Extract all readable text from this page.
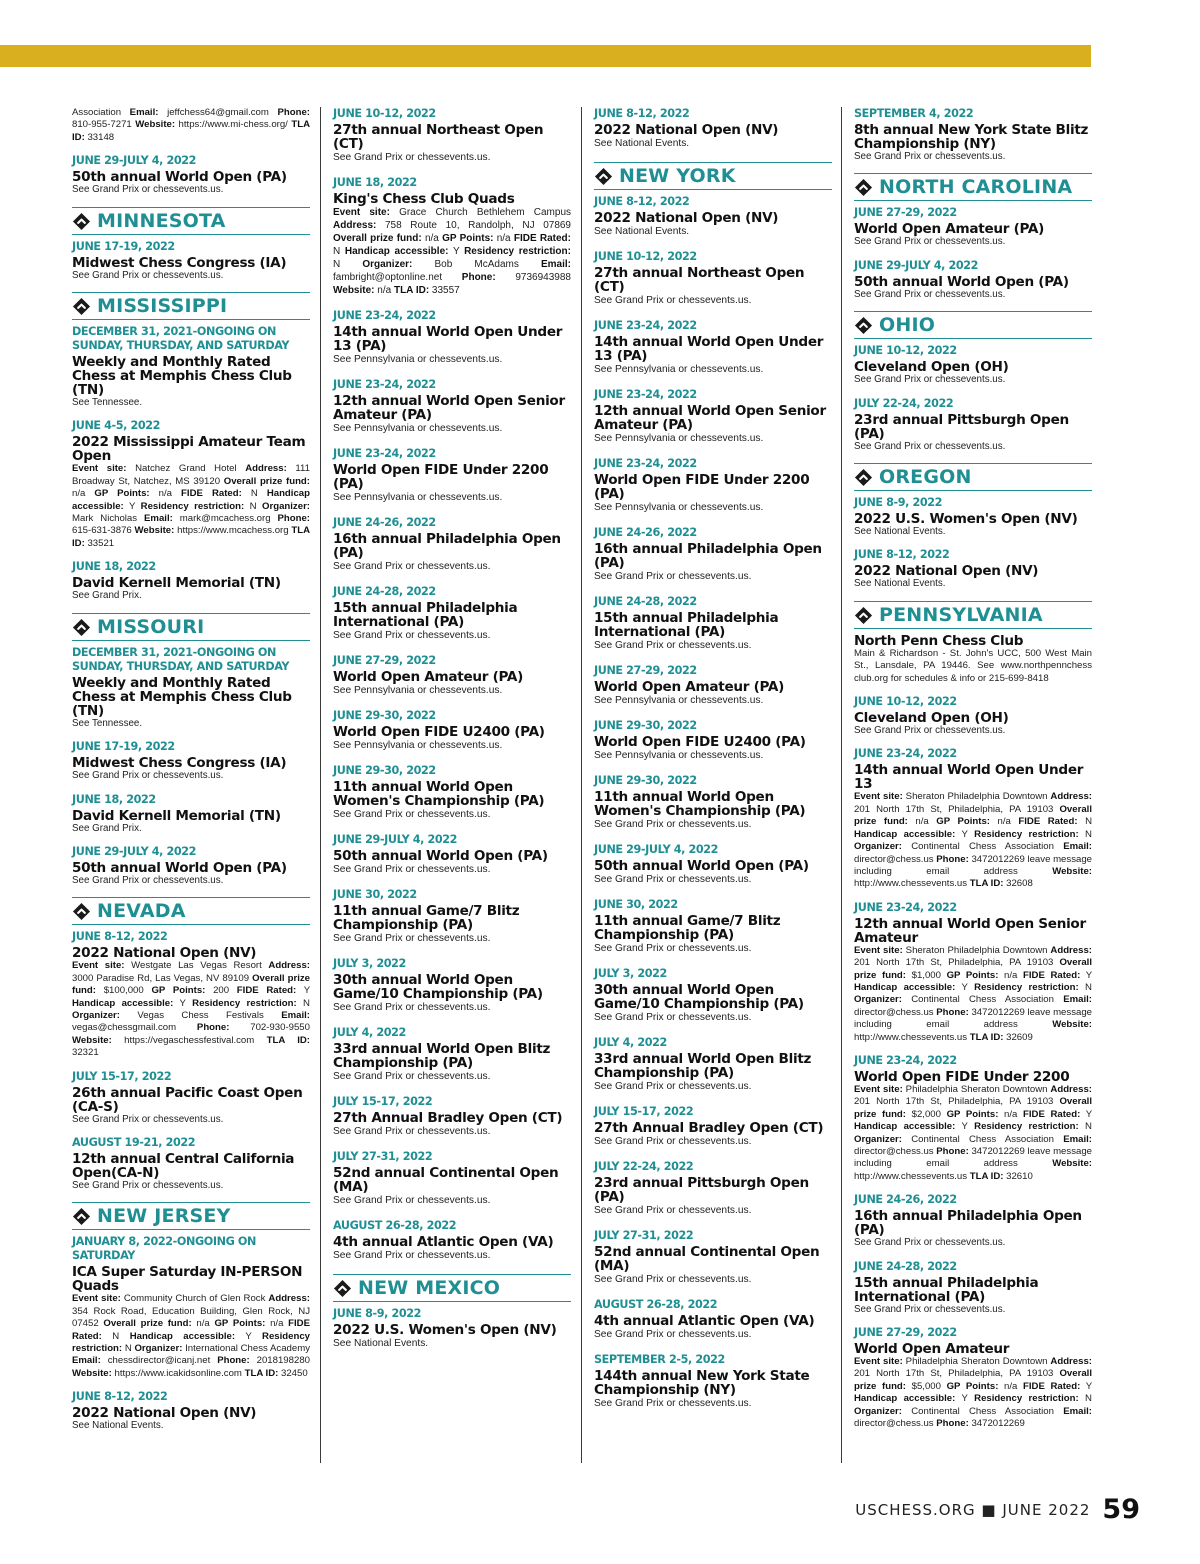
Association Email: jeffchess64@gmail.com Phone: 810-955-7271 Website: https://www.mi-chess.org/ TLA ID: 33148
JUNE 29-JULY 4, 2022
50th annual World Open (PA)
See Grand Prix or chessevents.us.
MINNESOTA
JUNE 17-19, 2022
Midwest Chess Congress (IA)
See Grand Prix or chessevents.us.
MISSISSIPPI
DECEMBER 31, 2021-ONGOING ON SUNDAY, THURSDAY, AND SATURDAY
Weekly and Monthly Rated Chess at Memphis Chess Club (TN)
See Tennessee.
JUNE 4-5, 2022
2022 Mississippi Amateur Team Open
Event site: Natchez Grand Hotel Address: 111 Broadway St, Natchez, MS 39120 Overall prize fund: n/a GP Points: n/a FIDE Rated: N Handicap accessible: Y Residency restriction: N Organizer: Mark Nicholas Email: mark@mcachess.org Phone: 615-631-3876 Website: https://www.mcachess.org TLA ID: 33521
JUNE 18, 2022
David Kernell Memorial (TN)
See Grand Prix.
MISSOURI
DECEMBER 31, 2021-ONGOING ON SUNDAY, THURSDAY, AND SATURDAY
Weekly and Monthly Rated Chess at Memphis Chess Club (TN)
See Tennessee.
JUNE 17-19, 2022
Midwest Chess Congress (IA)
See Grand Prix or chessevents.us.
JUNE 18, 2022
David Kernell Memorial (TN)
See Grand Prix.
JUNE 29-JULY 4, 2022
50th annual World Open (PA)
See Grand Prix or chessevents.us.
NEVADA
JUNE 8-12, 2022
2022 National Open (NV)
Event site: Westgate Las Vegas Resort Address: 3000 Paradise Rd, Las Vegas, NV 89109 Overall prize fund: $100,000 GP Points: 200 FIDE Rated: Y Handicap accessible: Y Residency restriction: N Organizer: Vegas Chess Festivals Email: vegas@chessgmail.com Phone: 702-930-9550 Website: https://vegaschessfestival.com TLA ID: 32321
JULY 15-17, 2022
26th annual Pacific Coast Open (CA-S)
See Grand Prix or chessevents.us.
AUGUST 19-21, 2022
12th annual Central California Open(CA-N)
See Grand Prix or chessevents.us.
NEW JERSEY
JANUARY 8, 2022-ONGOING ON SATURDAY
ICA Super Saturday IN-PERSON Quads
Event site: Community Church of Glen Rock Address: 354 Rock Road, Education Building, Glen Rock, NJ 07452 Overall prize fund: n/a GP Points: n/a FIDE Rated: N Handicap accessible: Y Residency restriction: N Organizer: International Chess Academy Email: chessdirector@icanj.net Phone: 2018198280 Website: https://www.icakidsonline.com TLA ID: 32450
JUNE 8-12, 2022
2022 National Open (NV)
See National Events.
JUNE 10-12, 2022
27th annual Northeast Open (CT)
See Grand Prix or chessevents.us.
JUNE 18, 2022
King's Chess Club Quads
Event site: Grace Church Bethlehem Campus Address: 758 Route 10, Randolph, NJ 07869 Overall prize fund: n/a GP Points: n/a FIDE Rated: N Handicap accessible: Y Residency restriction: N Organizer: Bob McAdams Email: fambright@optonline.net Phone: 9736943988 Website: n/a TLA ID: 33557
JUNE 23-24, 2022
14th annual World Open Under 13 (PA)
See Pennsylvania or chessevents.us.
JUNE 23-24, 2022
12th annual World Open Senior Amateur (PA)
See Pennsylvania or chessevents.us.
JUNE 23-24, 2022
World Open FIDE Under 2200 (PA)
See Pennsylvania or chessevents.us.
JUNE 24-26, 2022
16th annual Philadelphia Open (PA)
See Grand Prix or chessevents.us.
JUNE 24-28, 2022
15th annual Philadelphia International (PA)
See Grand Prix or chessevents.us.
JUNE 27-29, 2022
World Open Amateur (PA)
See Pennsylvania or chessevents.us.
JUNE 29-30, 2022
World Open FIDE U2400 (PA)
See Pennsylvania or chessevents.us.
JUNE 29-30, 2022
11th annual World Open Women's Championship (PA)
See Grand Prix or chessevents.us.
JUNE 29-JULY 4, 2022
50th annual World Open (PA)
See Grand Prix or chessevents.us.
JUNE 30, 2022
11th annual Game/7 Blitz Championship (PA)
See Grand Prix or chessevents.us.
JULY 3, 2022
30th annual World Open Game/10 Championship (PA)
See Grand Prix or chessevents.us.
JULY 4, 2022
33rd annual World Open Blitz Championship (PA)
See Grand Prix or chessevents.us.
JULY 15-17, 2022
27th Annual Bradley Open (CT)
See Grand Prix or chessevents.us.
JULY 27-31, 2022
52nd annual Continental Open (MA)
See Grand Prix or chessevents.us.
AUGUST 26-28, 2022
4th annual Atlantic Open (VA)
See Grand Prix or chessevents.us.
NEW MEXICO
JUNE 8-9, 2022
2022 U.S. Women's Open (NV)
See National Events.
JUNE 8-12, 2022
2022 National Open (NV)
See National Events.
NEW YORK
JUNE 8-12, 2022
2022 National Open (NV)
See National Events.
JUNE 10-12, 2022
27th annual Northeast Open (CT)
See Grand Prix or chessevents.us.
JUNE 23-24, 2022
14th annual World Open Under 13 (PA)
See Pennsylvania or chessevents.us.
JUNE 23-24, 2022
12th annual World Open Senior Amateur (PA)
See Pennsylvania or chessevents.us.
JUNE 23-24, 2022
World Open FIDE Under 2200 (PA)
See Pennsylvania or chessevents.us.
JUNE 24-26, 2022
16th annual Philadelphia Open (PA)
See Grand Prix or chessevents.us.
JUNE 24-28, 2022
15th annual Philadelphia International (PA)
See Grand Prix or chessevents.us.
JUNE 27-29, 2022
World Open Amateur (PA)
See Pennsylvania or chessevents.us.
JUNE 29-30, 2022
World Open FIDE U2400 (PA)
See Pennsylvania or chessevents.us.
JUNE 29-30, 2022
11th annual World Open Women's Championship (PA)
See Grand Prix or chessevents.us.
JUNE 29-JULY 4, 2022
50th annual World Open (PA)
See Grand Prix or chessevents.us.
JUNE 30, 2022
11th annual Game/7 Blitz Championship (PA)
See Grand Prix or chessevents.us.
JULY 3, 2022
30th annual World Open Game/10 Championship (PA)
See Grand Prix or chessevents.us.
JULY 4, 2022
33rd annual World Open Blitz Championship (PA)
See Grand Prix or chessevents.us.
JULY 15-17, 2022
27th Annual Bradley Open (CT)
See Grand Prix or chessevents.us.
JULY 22-24, 2022
23rd annual Pittsburgh Open (PA)
See Grand Prix or chessevents.us.
JULY 27-31, 2022
52nd annual Continental Open (MA)
See Grand Prix or chessevents.us.
AUGUST 26-28, 2022
4th annual Atlantic Open (VA)
See Grand Prix or chessevents.us.
SEPTEMBER 2-5, 2022
144th annual New York State Championship (NY)
See Grand Prix or chessevents.us.
SEPTEMBER 4, 2022
8th annual New York State Blitz Championship (NY)
See Grand Prix or chessevents.us.
NORTH CAROLINA
JUNE 27-29, 2022
World Open Amateur (PA)
See Grand Prix or chessevents.us.
JUNE 29-JULY 4, 2022
50th annual World Open (PA)
See Grand Prix or chessevents.us.
OHIO
JUNE 10-12, 2022
Cleveland Open (OH)
See Grand Prix or chessevents.us.
JULY 22-24, 2022
23rd annual Pittsburgh Open (PA)
See Grand Prix or chessevents.us.
OREGON
JUNE 8-9, 2022
2022 U.S. Women's Open (NV)
See National Events.
JUNE 8-12, 2022
2022 National Open (NV)
See National Events.
PENNSYLVANIA
North Penn Chess Club
Main & Richardson - St. John's UCC, 500 West Main St., Lansdale, PA 19446. See www.northpennchess club.org for schedules & info or 215-699-8418
JUNE 10-12, 2022
Cleveland Open (OH)
See Grand Prix or chessevents.us.
JUNE 23-24, 2022
14th annual World Open Under 13
Event site: Sheraton Philadelphia Downtown Address: 201 North 17th St, Philadelphia, PA 19103 Overall prize fund: n/a GP Points: n/a FIDE Rated: N Handicap accessible: Y Residency restriction: N Organizer: Continental Chess Association Email: director@chess.us Phone: 3472012269 leave message including email address Website: http://www.chessevents.us TLA ID: 32608
JUNE 23-24, 2022
12th annual World Open Senior Amateur
Event site: Sheraton Philadelphia Downtown Address: 201 North 17th St, Philadelphia, PA 19103 Overall prize fund: $1,000 GP Points: n/a FIDE Rated: Y Handicap accessible: Y Residency restriction: N Organizer: Continental Chess Association Email: director@chess.us Phone: 3472012269 leave message including email address Website: http://www.chessevents.us TLA ID: 32609
JUNE 23-24, 2022
World Open FIDE Under 2200
Event site: Philadelphia Sheraton Downtown Address: 201 North 17th St, Philadelphia, PA 19103 Overall prize fund: $2,000 GP Points: n/a FIDE Rated: Y Handicap accessible: Y Residency restriction: N Organizer: Continental Chess Association Email: director@chess.us Phone: 3472012269 leave message including email address Website: http://www.chessevents.us TLA ID: 32610
JUNE 24-26, 2022
16th annual Philadelphia Open (PA)
See Grand Prix or chessevents.us.
JUNE 24-28, 2022
15th annual Philadelphia International (PA)
See Grand Prix or chessevents.us.
JUNE 27-29, 2022
World Open Amateur
Event site: Philadelphia Sheraton Downtown Address: 201 North 17th St, Philadelphia, PA 19103 Overall prize fund: $5,000 GP Points: n/a FIDE Rated: Y Handicap accessible: Y Residency restriction: N Organizer: Continental Chess Association Email: director@chess.us Phone: 3472012269
USCHESS.ORG ■ JUNE 2022 59
